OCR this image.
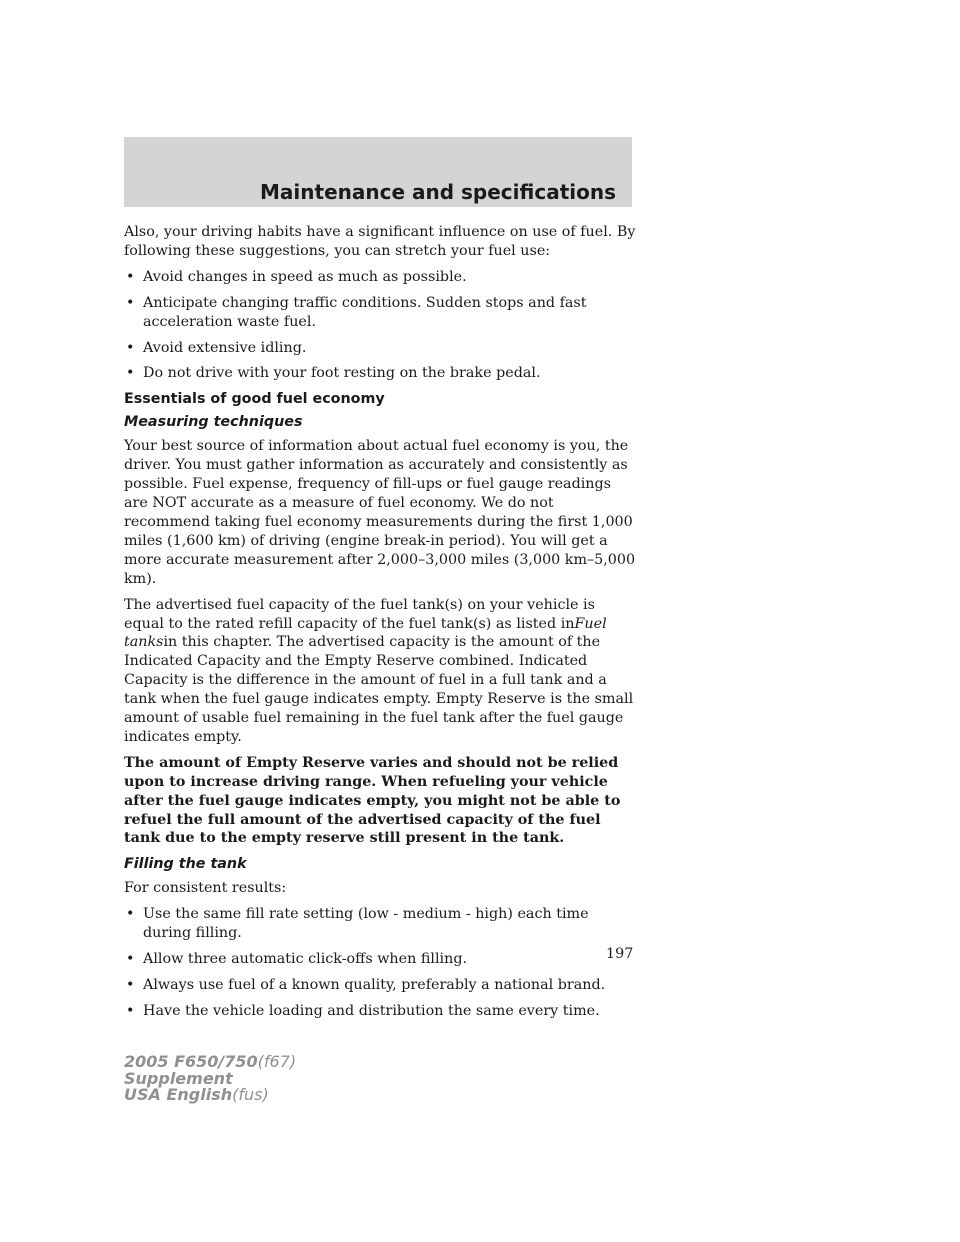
Maintenance and specifications

Also, your driving habits have a significant influence on use of fuel. By following these suggestions, you can stretch your fuel use:

• Avoid changes in speed as much as possible.
• Anticipate changing traffic conditions. Sudden stops and fast acceleration waste fuel.
• Avoid extensive idling.
• Do not drive with your foot resting on the brake pedal.
Essentials of good fuel economy
Measuring techniques

Your best source of information about actual fuel economy is you, the driver. You must gather information as accurately and consistently as possible. Fuel expense, frequency of fill-ups or fuel gauge readings are NOT accurate as a measure of fuel economy. We do not recommend taking fuel economy measurements during the first 1,000 miles (1,600 km) of driving (engine break-in period). You will get a more accurate measurement after 2,000–3,000 miles (3,000 km–5,000 km).

The advertised fuel capacity of the fuel tank(s) on your vehicle is equal to the rated refill capacity of the fuel tank(s) as listed inFuel tanksin this chapter. The advertised capacity is the amount of the Indicated Capacity and the Empty Reserve combined. Indicated Capacity is the difference in the amount of fuel in a full tank and a tank when the fuel gauge indicates empty. Empty Reserve is the small amount of usable fuel remaining in the fuel tank after the fuel gauge indicates empty.

The amount of Empty Reserve varies and should not be relied upon to increase driving range. When refueling your vehicle after the fuel gauge indicates empty, you might not be able to refuel the full amount of the advertised capacity of the fuel tank due to the empty reserve still present in the tank.

Filling the tank

For consistent results:

• Use the same fill rate setting (low - medium - high) each time during filling.
• Allow three automatic click-offs when filling.
• Always use fuel of a known quality, preferably a national brand.
• Have the vehicle loading and distribution the same every time.
197
2005 F650/750(f67)
Supplement
USA English(fus)
